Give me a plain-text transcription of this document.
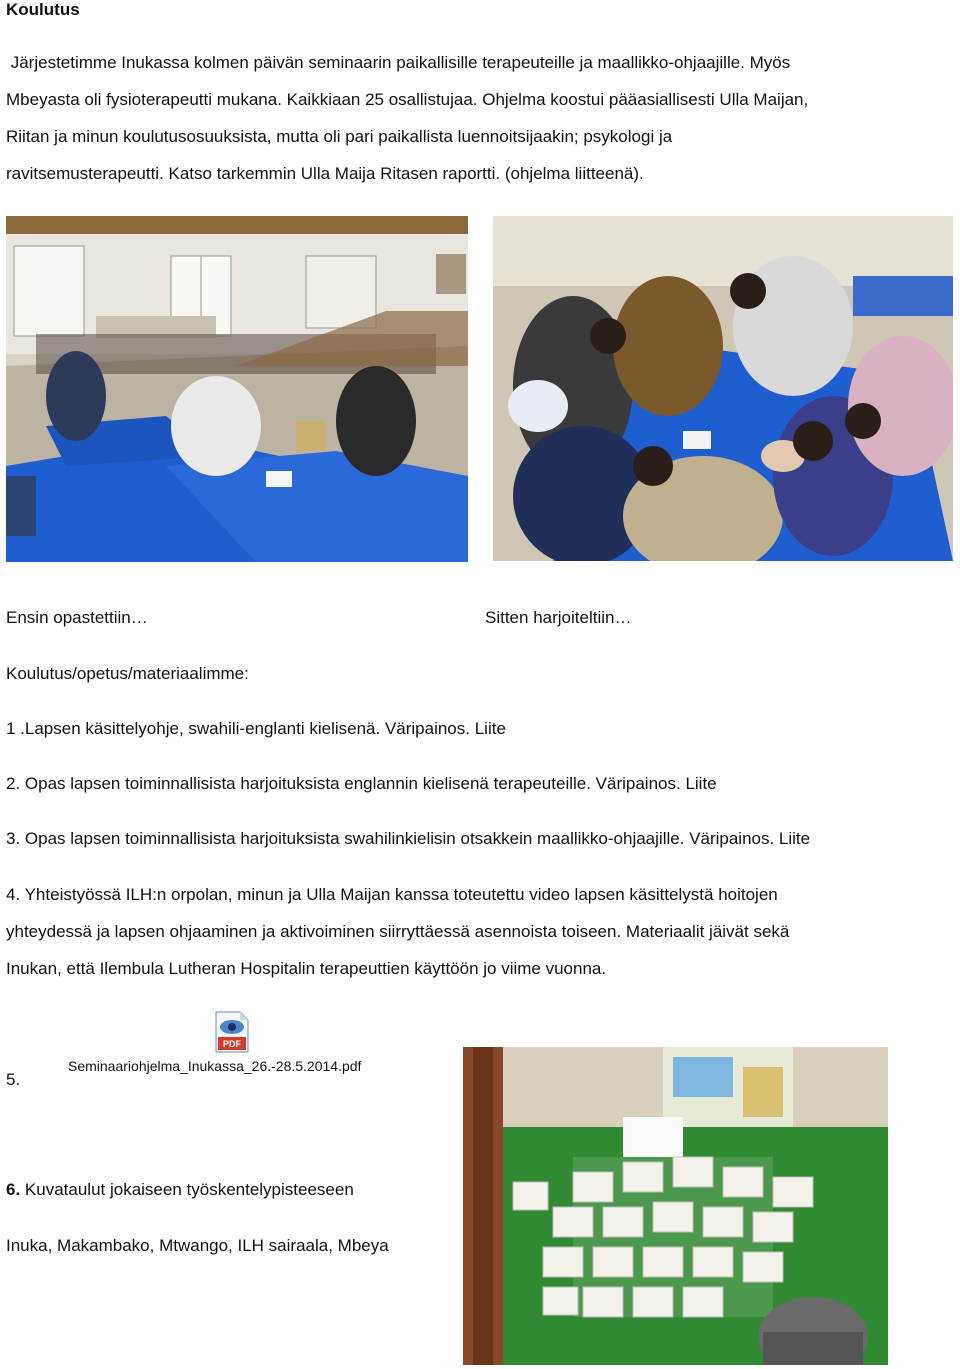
Koulutus

Järjestetimme Inukassa kolmen päivän seminaarin paikallisille terapeuteille ja maallikko-ohjaajille. Myös

Mbeyasta oli fysioterapeutti mukana. Kaikkiaan 25 osallistujaa. Ohjelma koostui pääasiallisesti Ulla Maijan,

Riitan ja minun koulutusosuuksista, mutta oli pari paikallista luennoitsijaakin; psykologi ja

ravitsemusterapeutti. Katso tarkemmin Ulla Maija Ritasen raportti. (ohjelma liitteenä).

Ensin opastettiin…	Sitten harjoiteltiin…
Koulutus/opetus/materiaalimme:
1 .Lapsen käsittelyohje, swahili-englanti kielisenä. Väripainos. Liite
2. Opas lapsen toiminnallisista harjoituksista englannin kielisenä terapeuteille. Väripainos. Liite
3. Opas lapsen toiminnallisista harjoituksista swahilinkielisin otsakkein maallikko-ohjaajille. Väripainos. Liite
4. Yhteistyössä ILH:n orpolan, minun ja Ulla Maijan kanssa toteutettu video lapsen käsittelystä hoitojen
yhteydessä ja lapsen ohjaaminen ja aktivoiminen siirryttäessä asennoista toiseen. Materiaalit jäivät sekä
Inukan, että Ilembula Lutheran Hospitalin terapeuttien käyttöön jo viime vuonna.
PDF
5.
Seminaariohjelma_Inukassa_26.-28.5.2014.pdf
6. Kuvataulut jokaiseen työskentelypisteeseen
Inuka, Makambako, Mtwango, ILH sairaala, Mbeya
